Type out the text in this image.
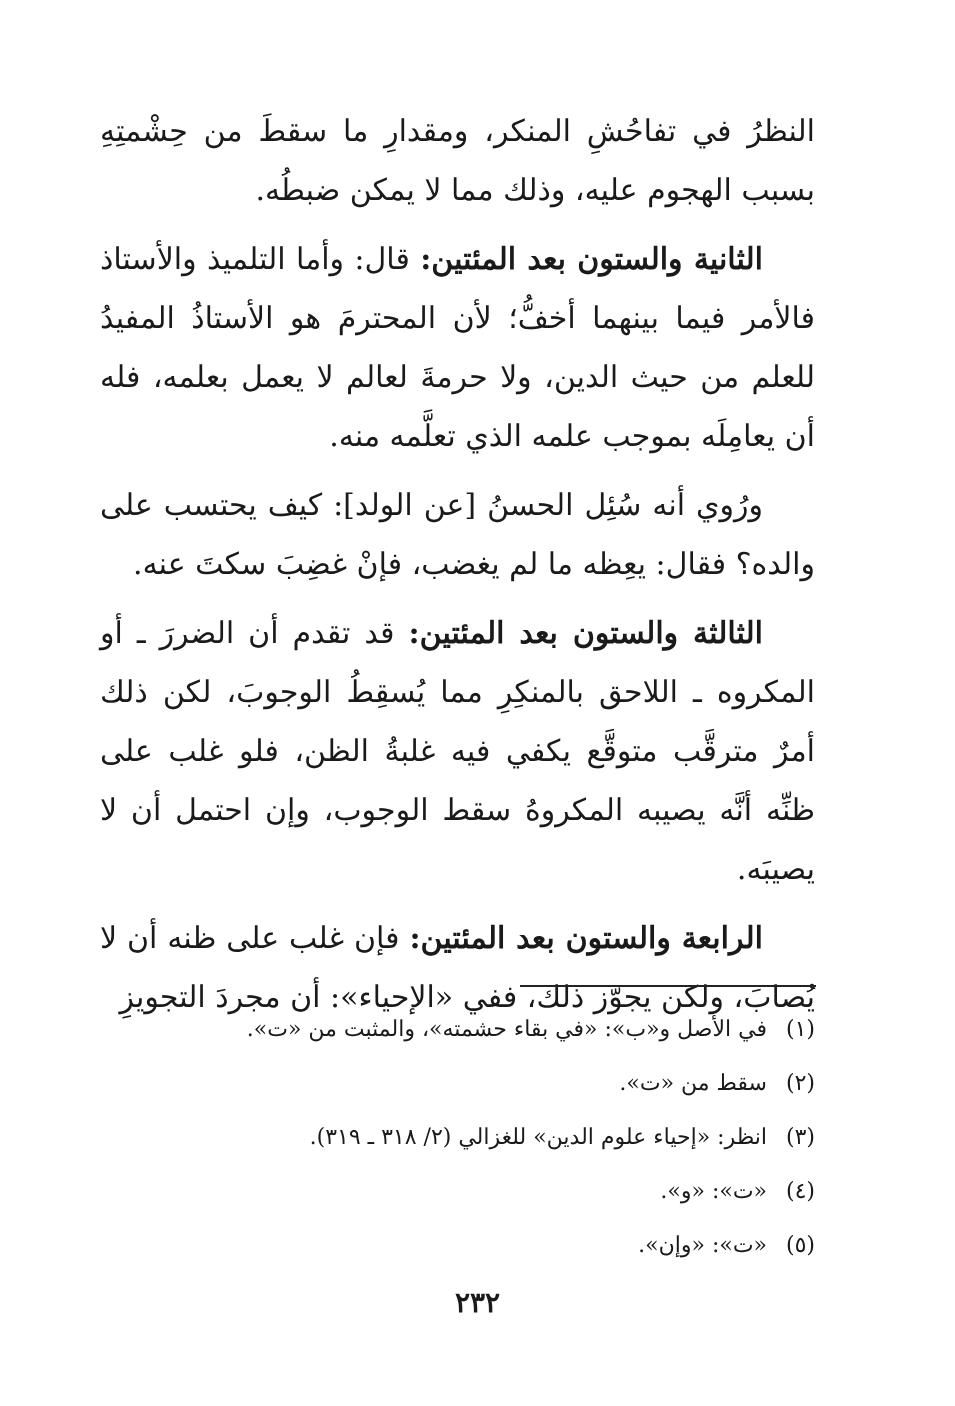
النظرُ في تفاحُشِ المنكر، ومقدارِ ما سقطَ من حِشْمتِهِ بسبب الهجوم عليه، وذلك مما لا يمكن ضبطُه.

الثانية والستون بعد المئتين: قال: وأما التلميذ والأستاذ فالأمر فيما بينهما أخفُّ؛ لأن المحترمَ هو الأستاذُ المفيدُ للعلم من حيث الدين، ولا حرمةَ لعالم لا يعمل بعلمه، فله أن يعامِلَه بموجب علمه الذي تعلَّمه منه.

ورُوي أنه سُئِل الحسنُ [عن الولد]: كيف يحتسب على والده؟ فقال: يعِظه ما لم يغضب، فإنْ غضِبَ سكتَ عنه.

الثالثة والستون بعد المئتين: قد تقدم أن الضررَ ـ أو المكروه ـ اللاحق بالمنكِرِ مما يُسقِطُ الوجوبَ، لكن ذلك أمرٌ مترقَّب متوقَّع يكفي فيه غلبةُ الظن، فلو غلب على ظنِّه أنَّه يصيبه المكروهُ سقط الوجوب، وإن احتمل أن لا يصيبَه.

الرابعة والستون بعد المئتين: فإن غلب على ظنه أن لا يُصابَ، ولكن يجوّز ذلك، ففي «الإحياء»: أن مجردَ التجويزِ

(١)
في الأصل و«ب»: «في بقاء حشمته»، والمثبت من «ت».
(٢)
سقط من «ت».
(٣)
انظر: «إحياء علوم الدين» للغزالي (٢/ ٣١٨ ـ ٣١٩).
(٤)
«ت»: «و».
(٥)
«ت»: «وإن».
٢٣٢
